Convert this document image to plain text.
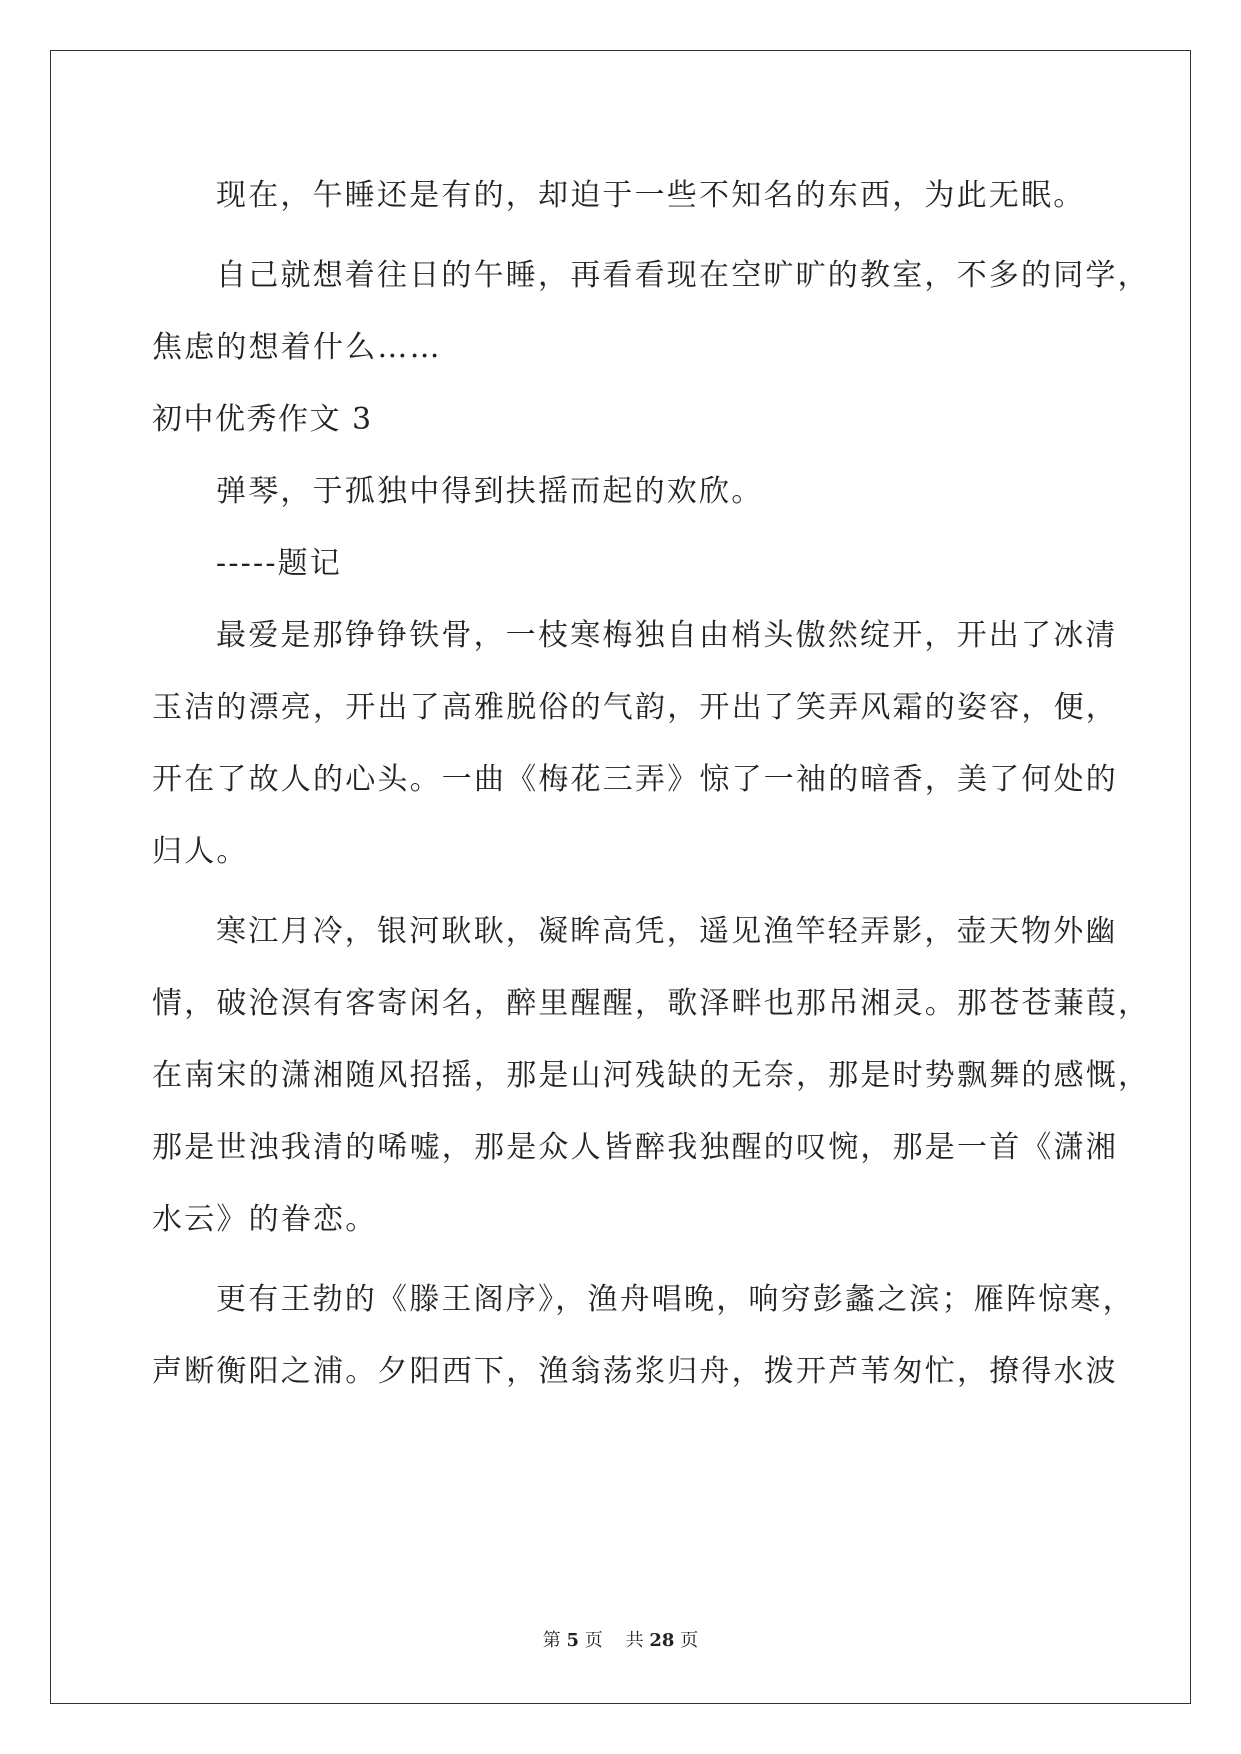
现在，午睡还是有的，却迫于一些不知名的东西，为此无眠。
自己就想着往日的午睡，再看看现在空旷旷的教室，不多的同学，
焦虑的想着什么……
初中优秀作文 3
弹琴，于孤独中得到扶摇而起的欢欣。
-----题记
最爱是那铮铮铁骨，一枝寒梅独自由梢头傲然绽开，开出了冰清
玉洁的漂亮，开出了高雅脱俗的气韵，开出了笑弄风霜的姿容，便，
开在了故人的心头。一曲《梅花三弄》惊了一袖的暗香，美了何处的
归人。
寒江月冷，银河耿耿，凝眸高凭，遥见渔竿轻弄影，壶天物外幽
情，破沧溟有客寄闲名，醉里醒醒，歌泽畔也那吊湘灵。那苍苍蒹葭，
在南宋的潇湘随风招摇，那是山河残缺的无奈，那是时势飘舞的感慨，
那是世浊我清的唏嘘，那是众人皆醉我独醒的叹惋，那是一首《潇湘
水云》的眷恋。
更有王勃的《滕王阁序》，渔舟唱晚，响穷彭蠡之滨；雁阵惊寒，
声断衡阳之浦。夕阳西下，渔翁荡浆归舟，拨开芦苇匆忙，撩得水波
第 5 页 共 28 页
